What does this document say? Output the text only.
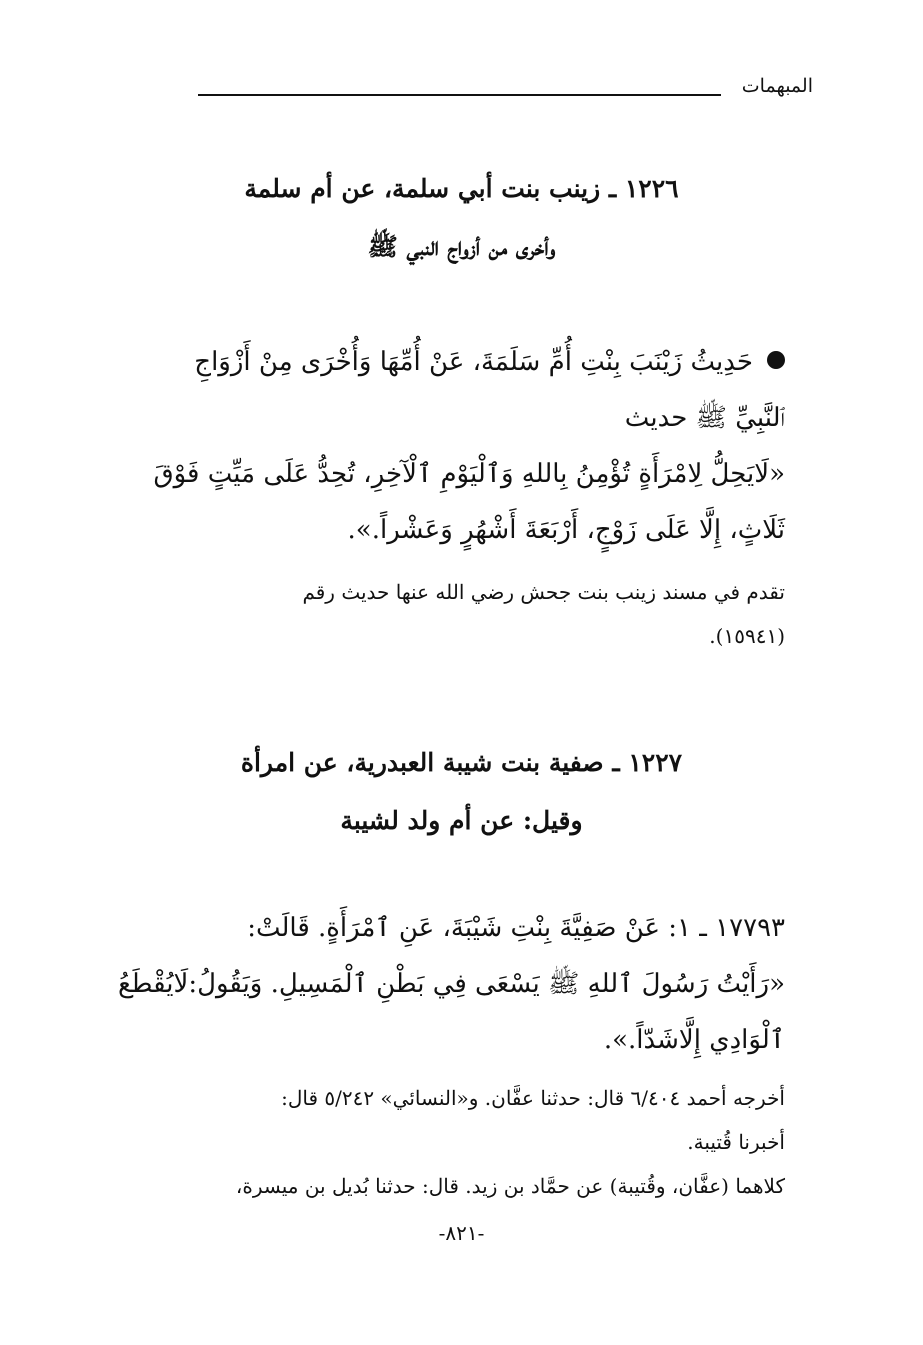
المبهمات
١٢٢٦ ـ زينب بنت أبي سلمة، عن أم سلمة
وأخرى من أزواج النبي ﷺ
حَدِيثُ زَيْنَبَ بِنْتِ أُمِّ سَلَمَةَ، عَنْ أُمِّهَا وَأُخْرَى مِنْ أَزْوَاجِ
ٱلنَّبِيِّ ﷺ حديث
«لَايَحِلُّ لِامْرَأَةٍ تُؤْمِنُ بِاللهِ وَٱلْيَوْمِ ٱلْآخِرِ، تُحِدُّ عَلَى مَيِّتٍ فَوْقَ
ثَلَاثٍ، إِلَّا عَلَى زَوْجٍ، أَرْبَعَةَ أَشْهُرٍ وَعَشْراً.».
تقدم في مسند زينب بنت جحش رضي الله عنها حديث رقم
(١٥٩٤١).
١٢٢٧ ـ صفية بنت شيبة العبدرية، عن امرأة
وقيل: عن أم ولد لشيبة
١٧٧٩٣ ـ ١: عَنْ صَفِيَّةَ بِنْتِ شَيْبَةَ، عَنِ ٱمْرَأَةٍ. قَالَتْ:
«رَأَيْتُ رَسُولَ ٱللهِ ﷺ يَسْعَى فِي بَطْنِ ٱلْمَسِيلِ. وَيَقُولُ:لَايُقْطَعُ
ٱلْوَادِي إِلَّاشَدّاً.».
أخرجه أحمد ٦/٤٠٤ قال: حدثنا عفَّان. و«النسائي» ٥/٢٤٢ قال:
أخبرنا قُتيبة.
كلاهما (عفَّان، وقُتيبة) عن حمَّاد بن زيد. قال: حدثنا بُديل بن ميسرة،
-٨٢١-
